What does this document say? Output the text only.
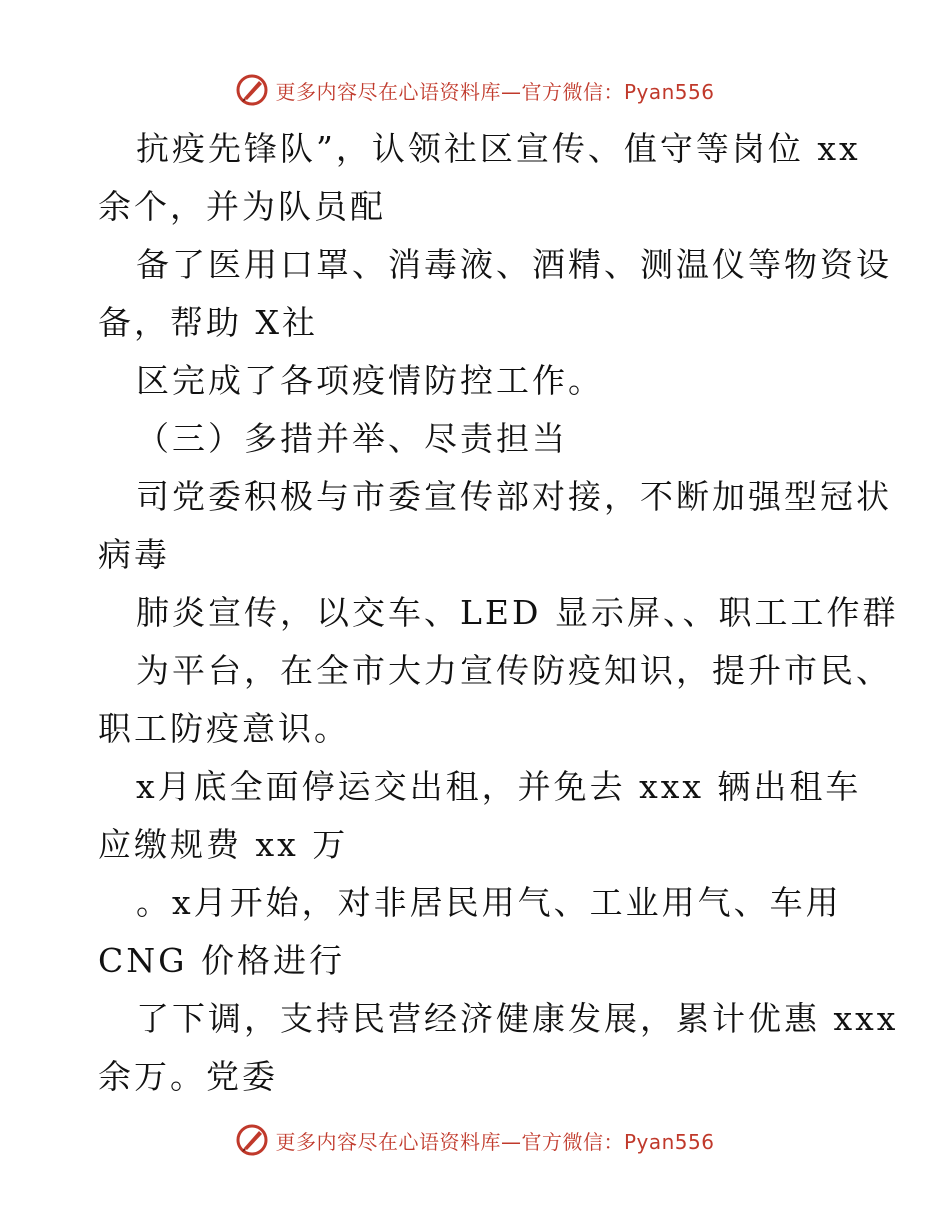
更多内容尽在心语资料库—官方微信：Pyan556
抗疫先锋队”，认领社区宣传、值守等岗位 xx
余个，并为队员配
备了医用口罩、消毒液、酒精、测温仪等物资设
备，帮助 X社
区完成了各项疫情防控工作。
（三）多措并举、尽责担当
司党委积极与市委宣传部对接，不断加强型冠状
病毒
肺炎宣传，以交车、LED 显示屏、、职工工作群
为平台，在全市大力宣传防疫知识，提升市民、
职工防疫意识。
x月底全面停运交出租，并免去 xxx 辆出租车
应缴规费 xx 万
。x月开始，对非居民用气、工业用气、车用
CNG 价格进行
了下调，支持民营经济健康发展，累计优惠 xxx
余万。党委
更多内容尽在心语资料库—官方微信：Pyan556
